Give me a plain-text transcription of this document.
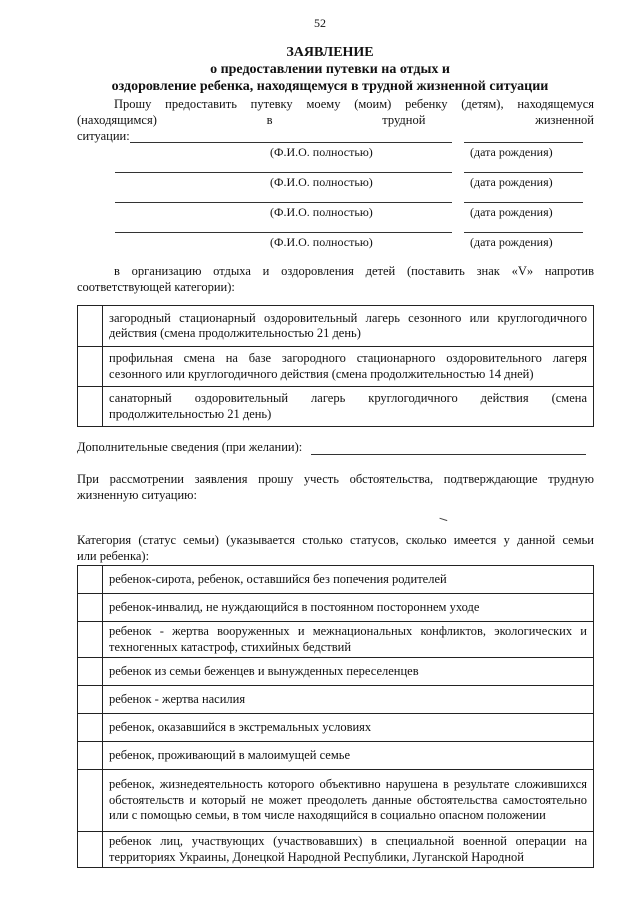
52
ЗАЯВЛЕНИЕ
о предоставлении путевки на отдых и
оздоровление ребенка, находящемуся в трудной жизненной ситуации
Прошу предоставить путевку моему (моим) ребенку (детям), находящемуся
(находящимся) в трудной жизненной
ситуации:
(Ф.И.О. полностью)	(дата рождения)
(Ф.И.О. полностью)	(дата рождения)
(Ф.И.О. полностью)	(дата рождения)
(Ф.И.О. полностью)	(дата рождения)
в организацию отдыха и оздоровления детей (поставить знак «V» напротив
соответствующей категории):
	загородный стационарный оздоровительный лагерь сезонного или круглогодичного действия (смена продолжительностью 21 день)
	профильная смена на базе загородного стационарного оздоровительного лагеря сезонного или круглогодичного действия (смена продолжительностью 14 дней)
	санаторный оздоровительный лагерь круглогодичного действия (смена продолжительностью 21 день)
Дополнительные сведения (при желании):
При рассмотрении заявления прошу учесть обстоятельства, подтверждающие трудную
жизненную ситуацию:
Категория (статус семьи) (указывается столько статусов, сколько имеется у данной семьи
или ребенка):
	ребенок-сирота, ребенок, оставшийся без попечения родителей
	ребенок-инвалид, не нуждающийся в постоянном постороннем уходе
	ребенок - жертва вооруженных и межнациональных конфликтов, экологических и техногенных катастроф, стихийных бедствий
	ребенок из семьи беженцев и вынужденных переселенцев
	ребенок - жертва насилия
	ребенок, оказавшийся в экстремальных условиях
	ребенок, проживающий в малоимущей семье
	ребенок, жизнедеятельность которого объективно нарушена в результате сложившихся обстоятельств и который не может преодолеть данные обстоятельства самостоятельно или с помощью семьи, в том числе находящийся в социально опасном положении
	ребенок лиц, участвующих (участвовавших) в специальной военной операции на территориях Украины, Донецкой Народной Республики, Луганской Народной
